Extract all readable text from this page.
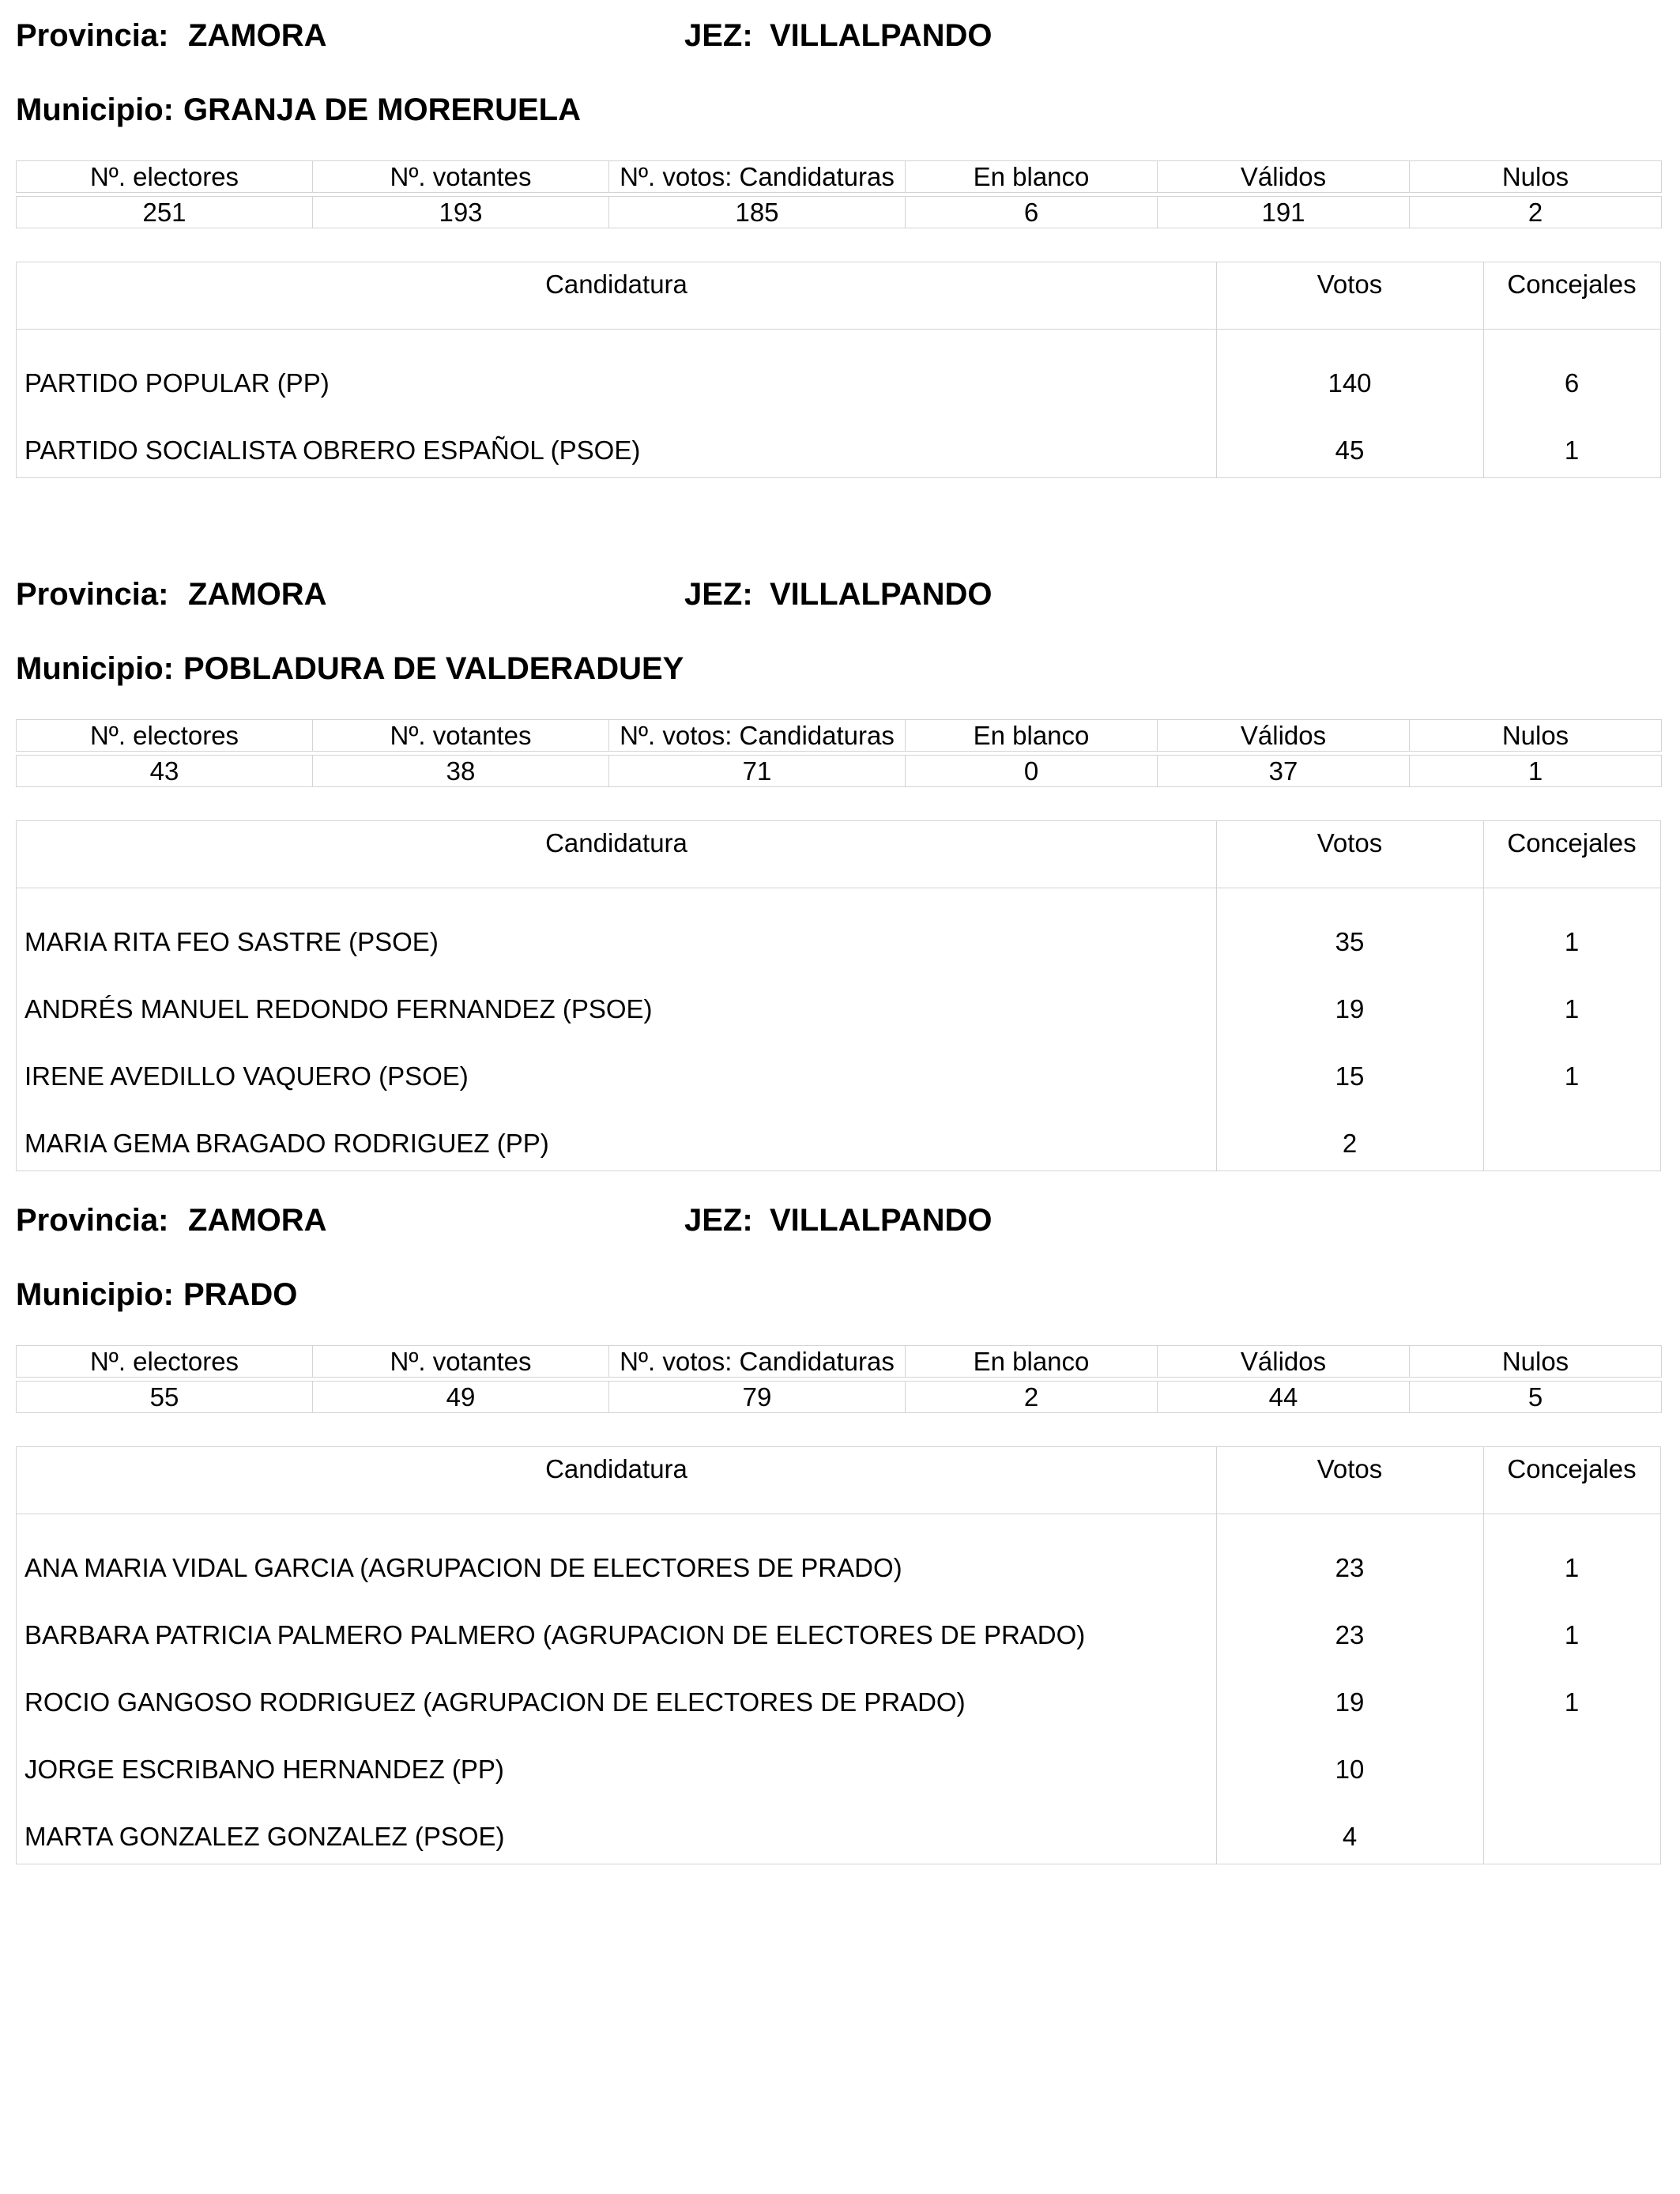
Provincia: ZAMORA	JEZ: VILLALPANDO
Municipio: GRANJA DE MORERUELA
Nº. electores	Nº. votantes	Nº. votos: Candidaturas	En blanco	Válidos	Nulos

251	193	185	6	191	2
Candidatura	Votos	Concejales
PARTIDO POPULAR (PP)	140	6
PARTIDO SOCIALISTA OBRERO ESPAÑOL (PSOE)	45	1
Provincia: ZAMORA	JEZ: VILLALPANDO
Municipio: POBLADURA DE VALDERADUEY
Nº. electores	Nº. votantes	Nº. votos: Candidaturas	En blanco	Válidos	Nulos

43	38	71	0	37	1
Candidatura	Votos	Concejales
MARIA RITA FEO SASTRE (PSOE)	35	1
ANDRÉS MANUEL REDONDO FERNANDEZ (PSOE)	19	1
IRENE AVEDILLO VAQUERO (PSOE)	15	1
MARIA GEMA BRAGADO RODRIGUEZ (PP)	2
Provincia: ZAMORA	JEZ: VILLALPANDO
Municipio: PRADO
Nº. electores	Nº. votantes	Nº. votos: Candidaturas	En blanco	Válidos	Nulos

55	49	79	2	44	5
Candidatura	Votos	Concejales
ANA MARIA VIDAL GARCIA (AGRUPACION DE ELECTORES DE PRADO)	23	1
BARBARA PATRICIA PALMERO PALMERO (AGRUPACION DE ELECTORES DE PRADO)	23	1
ROCIO GANGOSO RODRIGUEZ (AGRUPACION DE ELECTORES DE PRADO)	19	1
JORGE ESCRIBANO HERNANDEZ (PP)	10
MARTA GONZALEZ GONZALEZ (PSOE)	4
